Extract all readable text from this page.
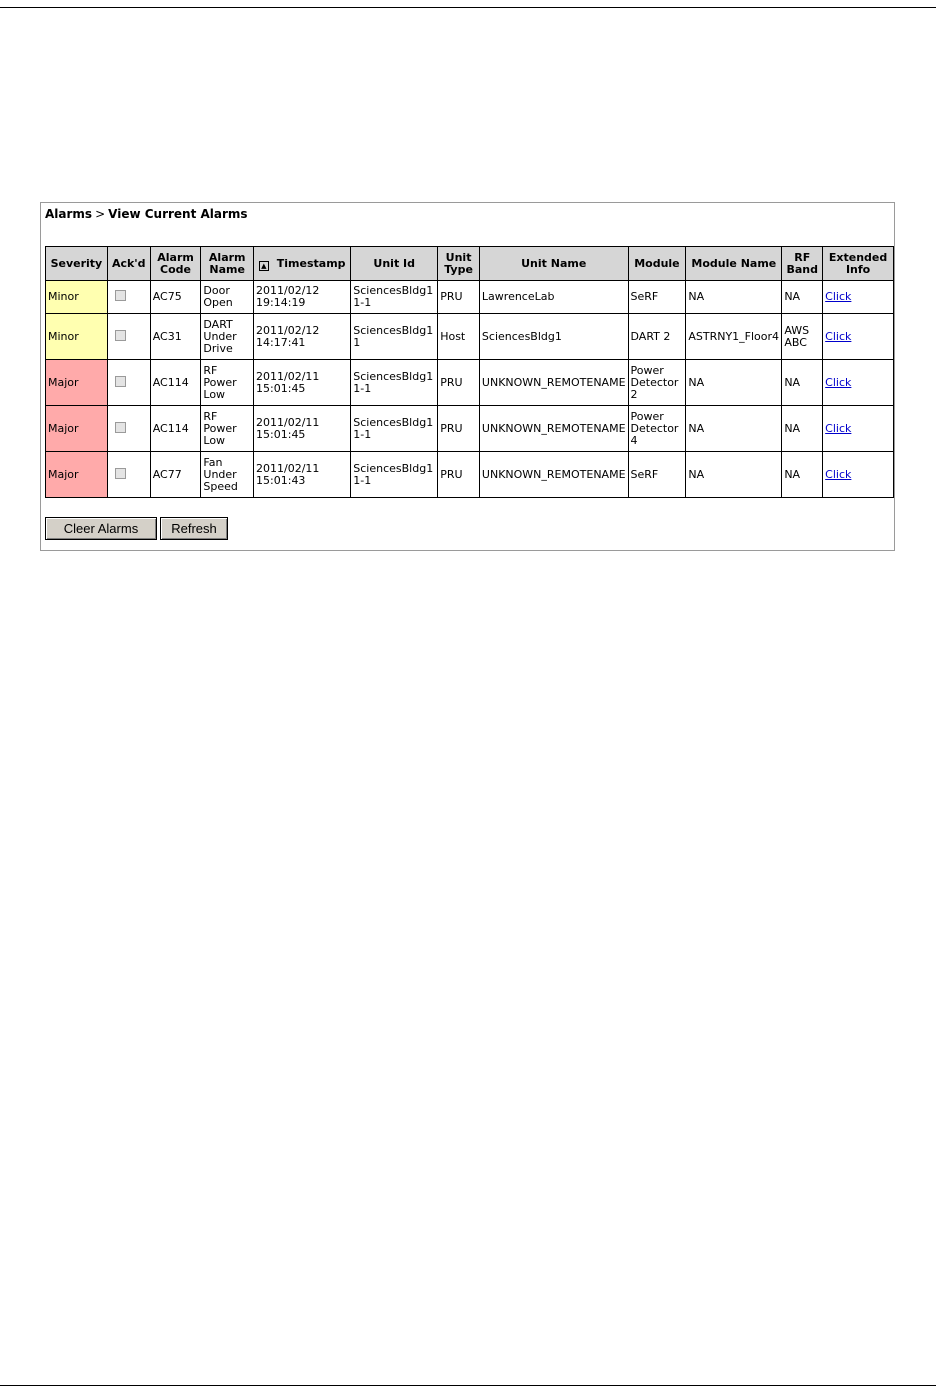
Alarms > View Current Alarms
Severity	Ack'd	Alarm Code	Alarm Name	▲ Timestamp	Unit Id	Unit Type	Unit Name	Module	Module Name	RF Band	Extended Info
Minor		AC75	Door Open	2011/02/12 19:14:19	SciencesBldg1 1-1	PRU	LawrenceLab	SeRF	NA	NA	Click
Minor		AC31	DART Under Drive	2011/02/12 14:17:41	SciencesBldg1 1	Host	SciencesBldg1	DART 2	ASTRNY1_Floor4	AWS ABC	Click
Major		AC114	RF Power Low	2011/02/11 15:01:45	SciencesBldg1 1-1	PRU	UNKNOWN_REMOTENAME	Power Detector 2	NA	NA	Click
Major		AC114	RF Power Low	2011/02/11 15:01:45	SciencesBldg1 1-1	PRU	UNKNOWN_REMOTENAME	Power Detector 4	NA	NA	Click
Major		AC77	Fan Under Speed	2011/02/11 15:01:43	SciencesBldg1 1-1	PRU	UNKNOWN_REMOTENAME	SeRF	NA	NA	Click
Cleer Alarms	Refresh
